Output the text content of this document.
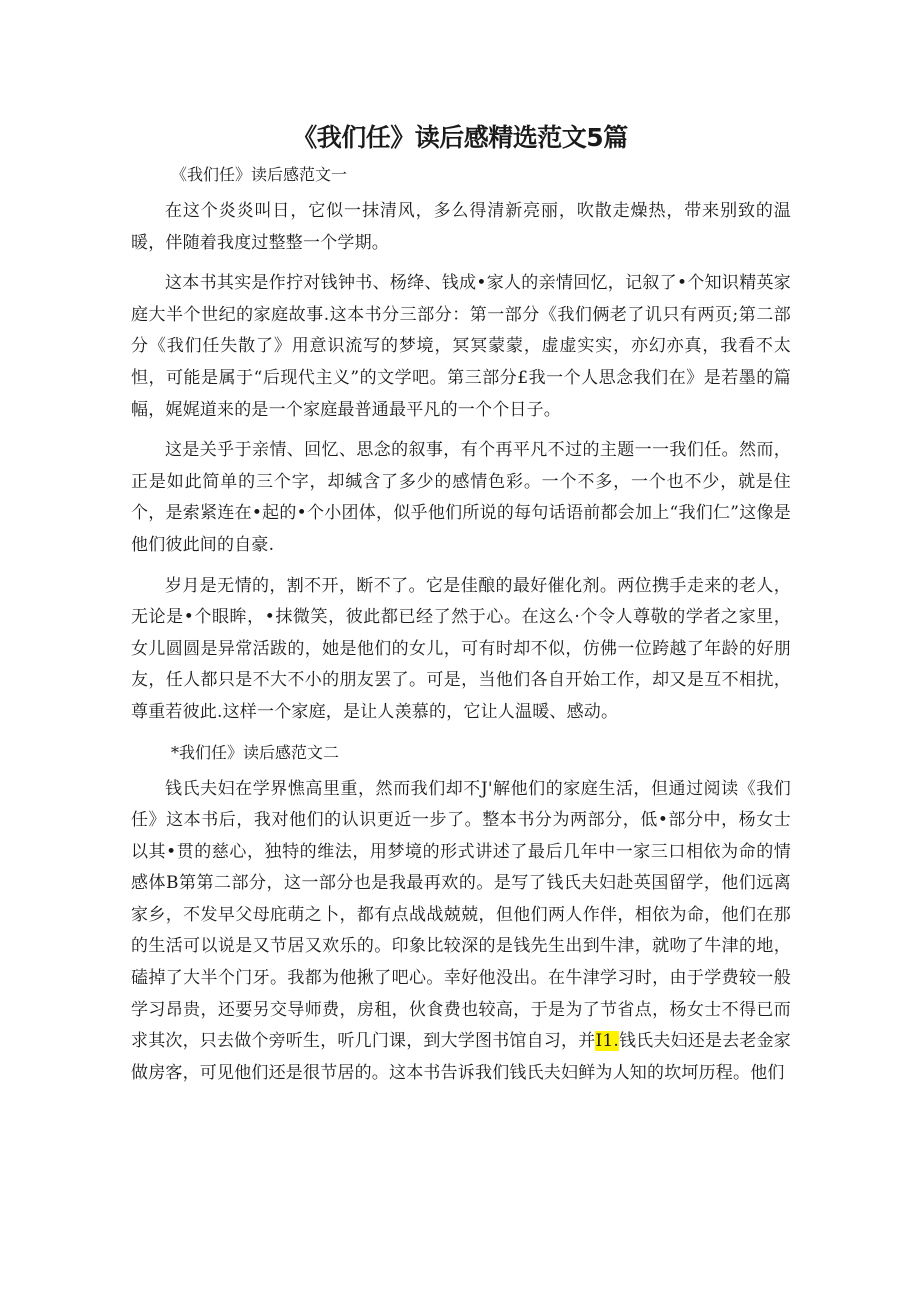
《我们任》读后感精选范文5篇
《我们任》读后感范文一

在这个炎炎叫日，它似一抹清风，多么得清新亮丽，吹散走燥热，带来别致的温暖，伴随着我度过整整一个学期。

这本书其实是作拧对钱钟书、杨绛、钱成•家人的亲情回忆，记叙了•个知识精英家庭大半个世纪的家庭故事.这本书分三部分：第一部分《我们俩老了讥只有两页;第二部分《我们任失散了》用意识流写的梦境，冥冥蒙蒙，虚虚实实，亦幻亦真，我看不太怛，可能是属于“后现代主义”的文学吧。第三部分£我一个人思念我们在》是若墨的篇幅，娓娓道来的是一个家庭最普通最平凡的一个个日子。

这是关乎于亲情、回忆、思念的叙事，有个再平凡不过的主题一一我们任。然而，正是如此简单的三个字，却缄含了多少的感情色彩。一个不多，一个也不少，就是住个，是索紧连在•起的•个小团体，似乎他们所说的每句话语前都会加上“我们仁”这像是他们彼此间的自豪.

岁月是无情的，割不开，断不了。它是佳酿的最好催化剂。两位携手走来的老人，无论是•个眼眸，•抹微笑，彼此都已经了然于心。在这么·个令人尊敬的学者之家里，女儿圆圆是异常活跋的，她是他们的女儿，可有时却不似，仿佛一位跨越了年龄的好朋友，任人都只是不大不小的朋友罢了。可是，当他们各自开始工作，却又是互不相扰，尊重若彼此.这样一个家庭，是让人羡慕的，它让人温暖、感动。

*我们任》读后感范文二

钱氏夫妇在学界憔高里重，然而我们却不J'解他们的家庭生活，但通过阅读《我们任》这本书后，我对他们的认识更近一步了。整本书分为两部分，低•部分中，杨女士以其•贯的慈心，独特的维法，用梦境的形式讲述了最后几年中一家三口相依为命的情感体B第第二部分，这一部分也是我最再欢的。是写了钱氏夫妇赴英国留学，他们远离家乡，不发早父母庇萌之卜，都有点战战兢兢，但他们两人作伴，相依为命，他们在那的生活可以说是又节居又欢乐的。印象比较深的是钱先生出到牛津，就吻了牛津的地，磕掉了大半个门牙。我都为他揪了吧心。幸好他没出。在牛津学习时，由于学费较一般学习昂贵，还要另交导师费，房租，伙食费也较高，于是为了节省点，杨女士不得已而求其次，只去做个旁听生，听几门课，到大学图书馆自习，并I1.钱氏夫妇还是去老金家做房客，可见他们还是很节居的。这本书告诉我们钱氏夫妇鲜为人知的坎坷历程。他们
